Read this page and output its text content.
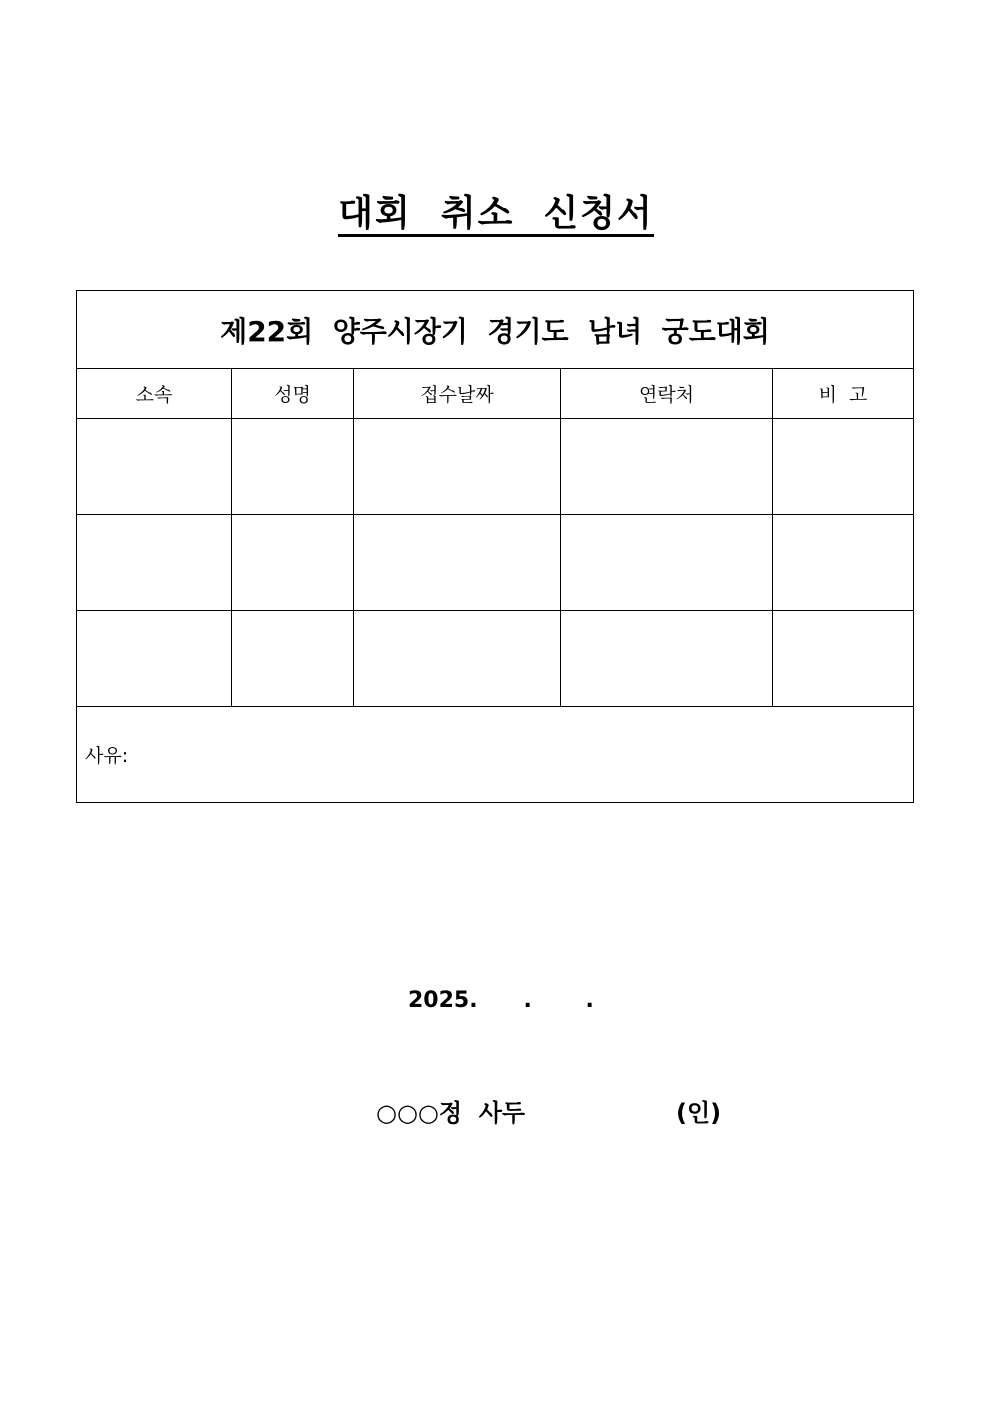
대회  취소  신청서
제22회  양주시장기  경기도  남녀  궁도대회				
소속	성명	접수날짜	연락처	비  고

사유:				
2025.      .       .
○○○정  사두	(인)
